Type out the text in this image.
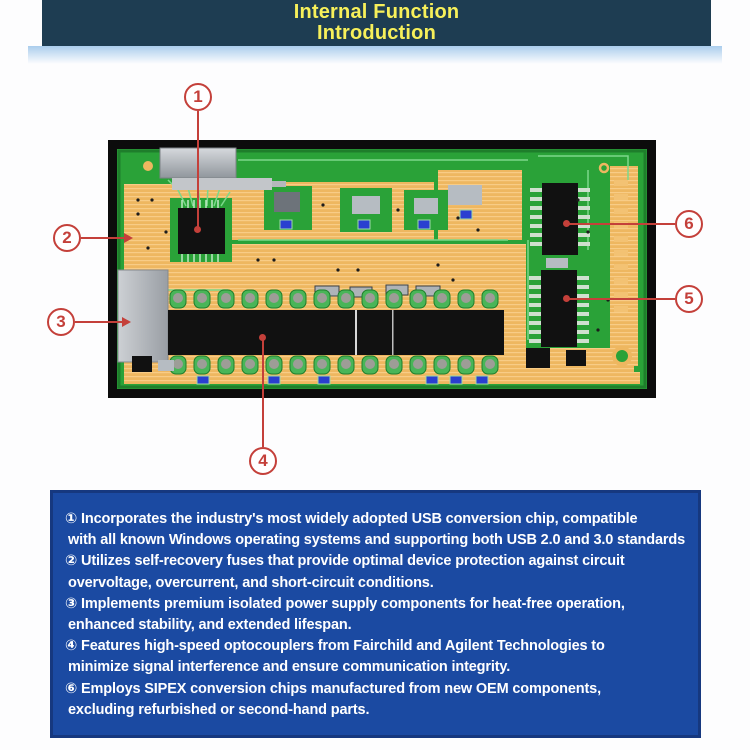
Internal Function
Introduction
1
2
3
4
5
6
① Incorporates the industry's most widely adopted USB conversion chip, compatible
with all known Windows operating systems and supporting both USB 2.0 and 3.0 standards
② Utilizes self-recovery fuses that provide optimal device protection against circuit
overvoltage, overcurrent, and short-circuit conditions.
③ Implements premium isolated power supply components for heat-free operation,
enhanced stability, and extended lifespan.
④ Features high-speed optocouplers from Fairchild and Agilent Technologies to
minimize signal interference and ensure communication integrity.
⑥ Employs SIPEX conversion chips manufactured from new OEM components,
excluding refurbished or second-hand parts.
